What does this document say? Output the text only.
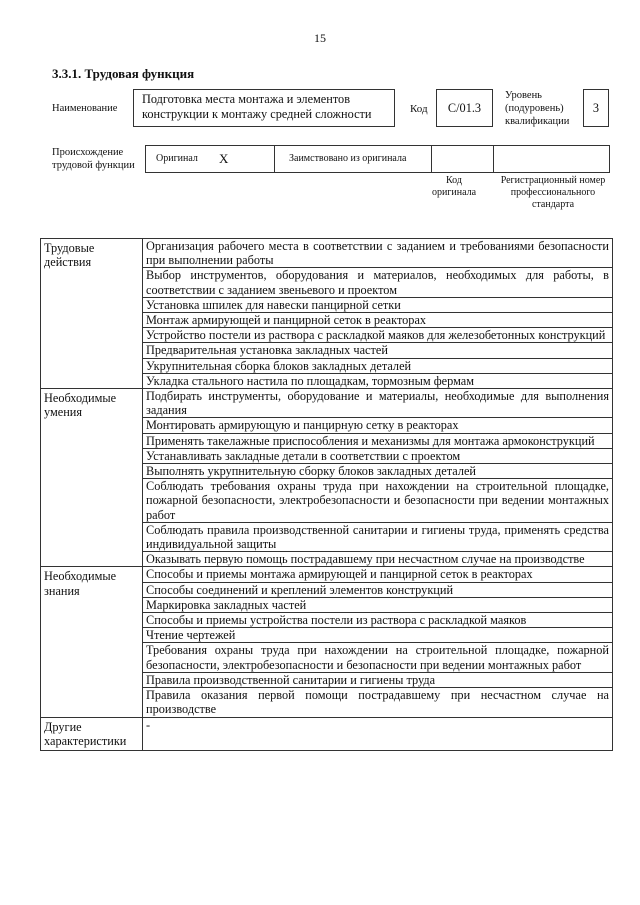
15
3.3.1. Трудовая функция
Наименование
Подготовка места монтажа и элементов конструкции к монтажу средней сложности	Код	C/01.3
Уровень (подуровень) квалификации
3
Происхождение трудовой функции
Оригинал X	Заимствовано из оригинала
Код оригинала
Регистрационный номер профессионального стандарта
Трудовые действия	Организация рабочего места в соответствии с заданием и требованиями безопасности при выполнении работы
	Выбор инструментов, оборудования и материалов, необходимых для работы, в соответствии с заданием звеньевого и проектом
	Установка шпилек для навески панцирной сетки
	Монтаж армирующей и панцирной сеток в реакторах
	Устройство постели из раствора с раскладкой маяков для железобетонных конструкций
	Предварительная установка закладных частей
	Укрупнительная сборка блоков закладных деталей
	Укладка стального настила по площадкам, тормозным фермам
Необходимые умения	Подбирать инструменты, оборудование и материалы, необходимые для выполнения задания
	Монтировать армирующую и панцирную сетку в реакторах
	Применять такелажные приспособления и механизмы для монтажа армоконструкций
	Устанавливать закладные детали в соответствии с проектом
	Выполнять укрупнительную сборку блоков закладных деталей
	Соблюдать требования охраны труда при нахождении на строительной площадке, пожарной безопасности, электробезопасности и безопасности при ведении монтажных работ
	Соблюдать правила производственной санитарии и гигиены труда, применять средства индивидуальной защиты
	Оказывать первую помощь пострадавшему при несчастном случае на производстве
Необходимые знания	Способы и приемы монтажа армирующей и панцирной сеток в реакторах
	Способы соединений и креплений элементов конструкций
	Маркировка закладных частей
	Способы и приемы устройства постели из раствора с раскладкой маяков
	Чтение чертежей
	Требования охраны труда при нахождении на строительной площадке, пожарной безопасности, электробезопасности и безопасности при ведении монтажных работ
	Правила производственной санитарии и гигиены труда
	Правила оказания первой помощи пострадавшему при несчастном случае на производстве
Другие характеристики	-
